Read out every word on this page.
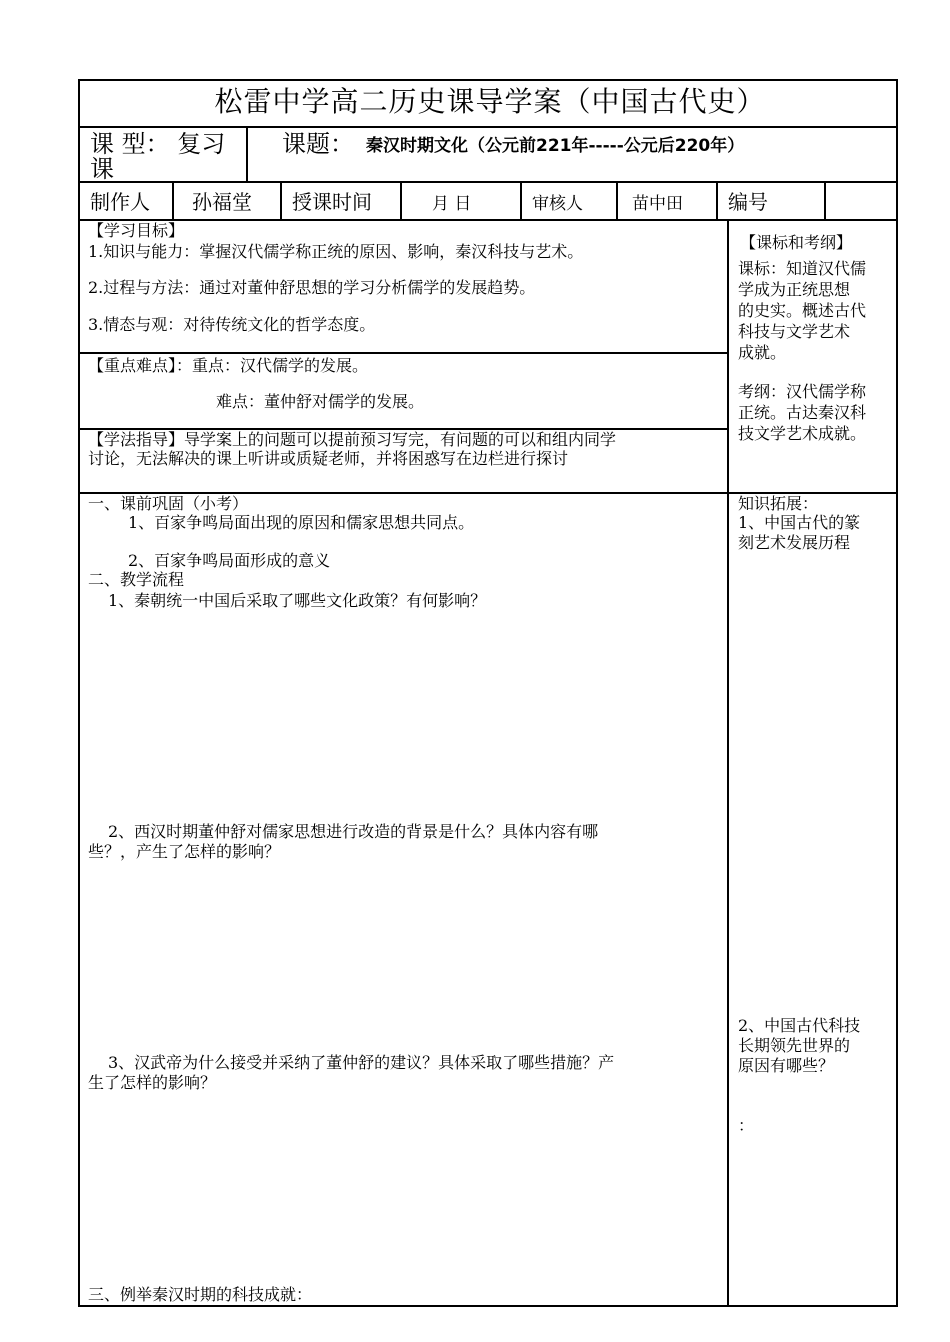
松雷中学高二历史课导学案（中国古代史）
课 型： 复习
课
课题： 秦汉时期文化（公元前221年-----公元后220年）
制作人 孙福堂 授课时间	月 日	审核人	苗中田 编号
【学习目标】
1.知识与能力：掌握汉代儒学称正统的原因、影响，秦汉科技与艺术。
2.过程与方法：通过对董仲舒思想的学习分析儒学的发展趋势。
3.情态与观：对待传统文化的哲学态度。
【重点难点】：重点：汉代儒学的发展。
难点：董仲舒对儒学的发展。
【学法指导】导学案上的问题可以提前预习写完，有问题的可以和组内同学
讨论，无法解决的课上听讲或质疑老师，并将困惑写在边栏进行探讨
【课标和考纲】
课标：知道汉代儒
学成为正统思想
的史实。概述古代
科技与文学艺术
成就。
考纲：汉代儒学称
正统。古达秦汉科
技文学艺术成就。
一、课前巩固（小考）
1、百家争鸣局面出现的原因和儒家思想共同点。
2、百家争鸣局面形成的意义
二、教学流程
1、秦朝统一中国后采取了哪些文化政策？有何影响？
2、西汉时期董仲舒对儒家思想进行改造的背景是什么？具体内容有哪
些？，产生了怎样的影响？
3、汉武帝为什么接受并采纳了董仲舒的建议？具体采取了哪些措施？产
生了怎样的影响？
三、例举秦汉时期的科技成就：
知识拓展：
1、中国古代的篆
刻艺术发展历程
2、中国古代科技
长期领先世界的
原因有哪些？
：
